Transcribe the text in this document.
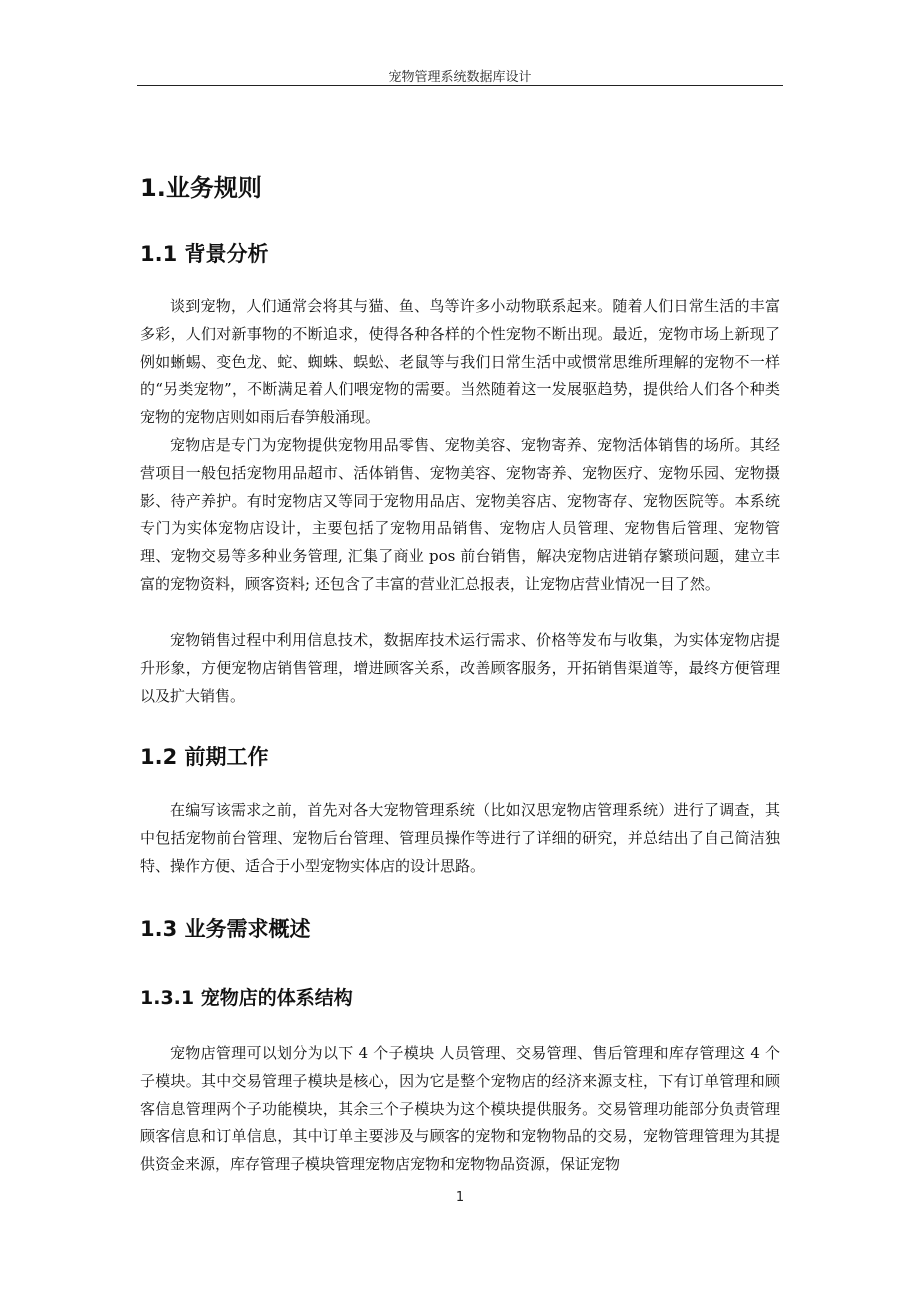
宠物管理系统数据库设计
1.业务规则
1.1 背景分析

谈到宠物，人们通常会将其与猫、鱼、鸟等许多小动物联系起来。随着人们日常生活的丰富多彩，人们对新事物的不断追求，使得各种各样的个性宠物不断出现。最近，宠物市场上新现了例如蜥蜴、变色龙、蛇、蜘蛛、蜈蚣、老鼠等与我们日常生活中或惯常思维所理解的宠物不一样的“另类宠物”，不断满足着人们喂宠物的需要。当然随着这一发展驱趋势，提供给人们各个种类宠物的宠物店则如雨后春笋般涌现。

宠物店是专门为宠物提供宠物用品零售、宠物美容、宠物寄养、宠物活体销售的场所。其经营项目一般包括宠物用品超市、活体销售、宠物美容、宠物寄养、宠物医疗、宠物乐园、宠物摄影、待产养护。有时宠物店又等同于宠物用品店、宠物美容店、宠物寄存、宠物医院等。本系统专门为实体宠物店设计，主要包括了宠物用品销售、宠物店人员管理、宠物售后管理、宠物管理、宠物交易等多种业务管理, 汇集了商业 pos 前台销售，解决宠物店进销存繁琐问题，建立丰富的宠物资料，顾客资料; 还包含了丰富的营业汇总报表，让宠物店营业情况一目了然。

宠物销售过程中利用信息技术，数据库技术运行需求、价格等发布与收集，为实体宠物店提升形象，方便宠物店销售管理，增进顾客关系，改善顾客服务，开拓销售渠道等，最终方便管理以及扩大销售。

1.2 前期工作

在编写该需求之前，首先对各大宠物管理系统（比如汉思宠物店管理系统）进行了调查，其中包括宠物前台管理、宠物后台管理、管理员操作等进行了详细的研究，并总结出了自己简洁独特、操作方便、适合于小型宠物实体店的设计思路。

1.3 业务需求概述
1.3.1 宠物店的体系结构

宠物店管理可以划分为以下 4 个子模块 人员管理、交易管理、售后管理和库存管理这 4 个子模块。其中交易管理子模块是核心，因为它是整个宠物店的经济来源支柱，下有订单管理和顾客信息管理两个子功能模块，其余三个子模块为这个模块提供服务。交易管理功能部分负责管理顾客信息和订单信息，其中订单主要涉及与顾客的宠物和宠物物品的交易，宠物管理管理为其提供资金来源，库存管理子模块管理宠物店宠物和宠物物品资源，保证宠物

1
